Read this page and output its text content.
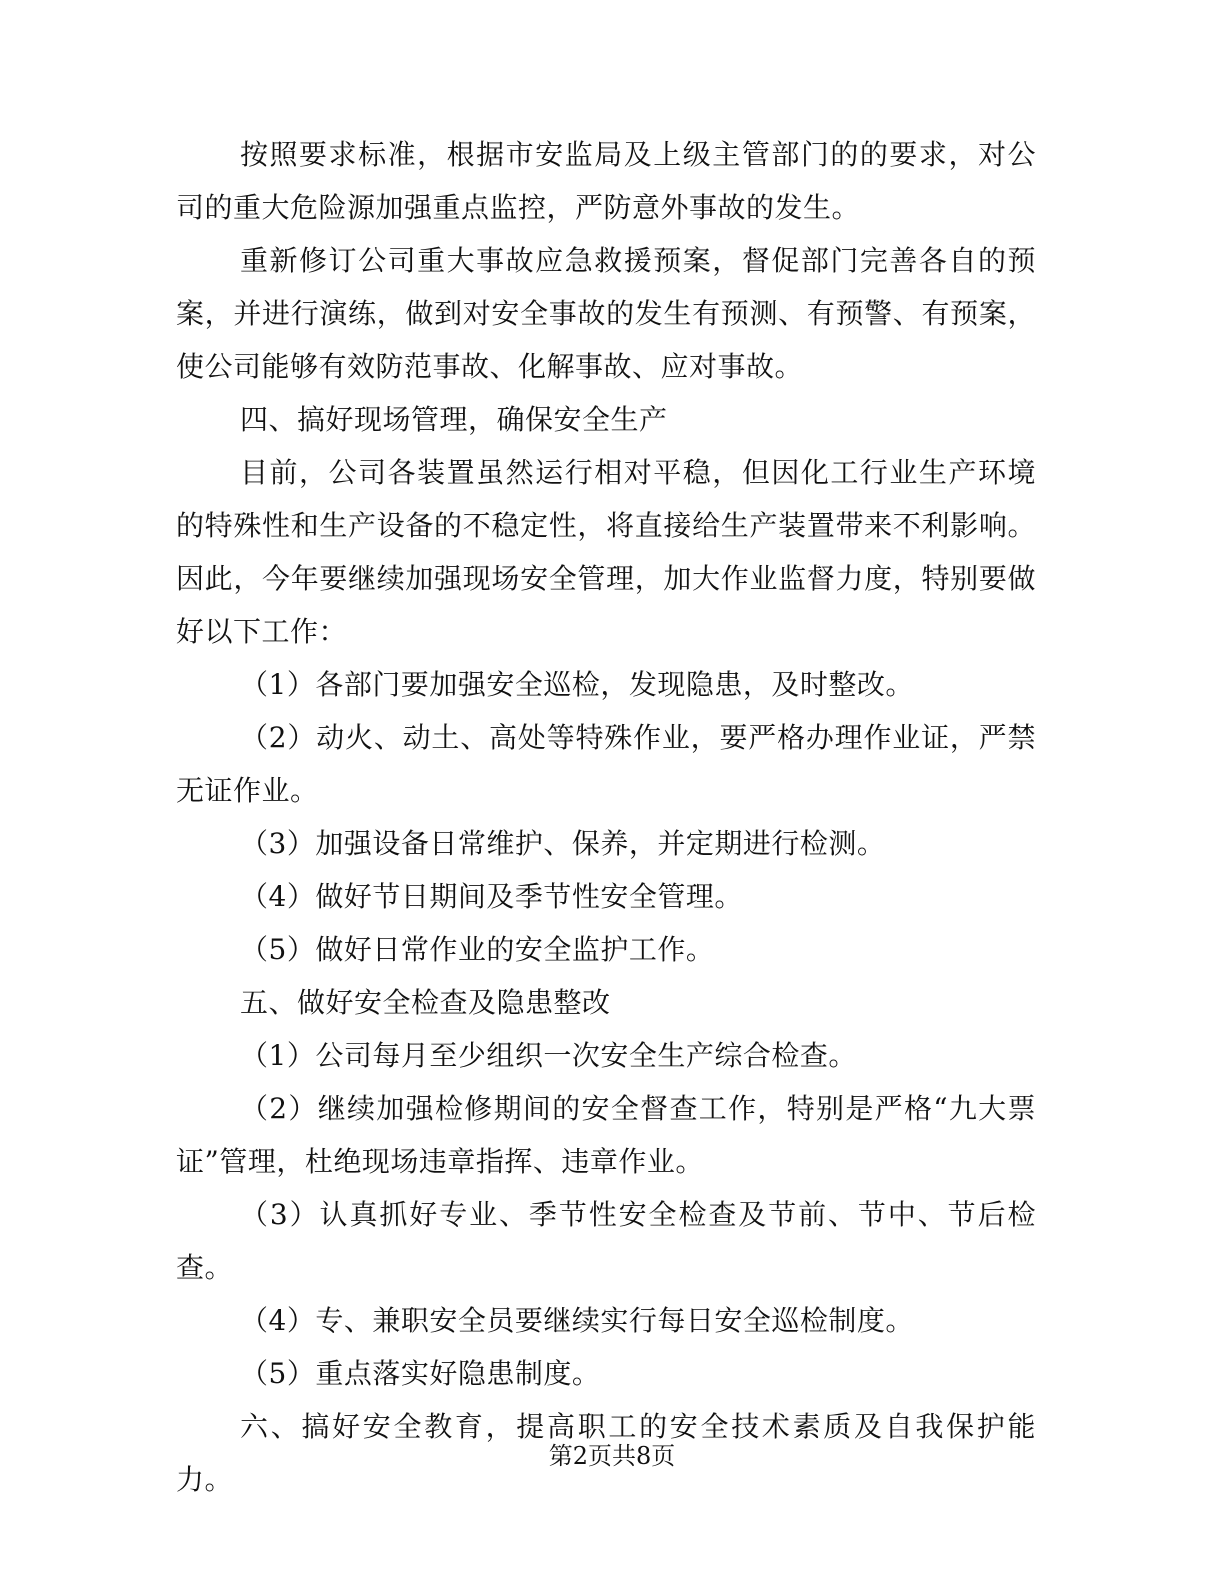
按照要求标准，根据市安监局及上级主管部门的的要求，对公司的重大危险源加强重点监控，严防意外事故的发生。

重新修订公司重大事故应急救援预案，督促部门完善各自的预案，并进行演练，做到对安全事故的发生有预测、有预警、有预案，使公司能够有效防范事故、化解事故、应对事故。

四、搞好现场管理，确保安全生产

目前，公司各装置虽然运行相对平稳，但因化工行业生产环境的特殊性和生产设备的不稳定性，将直接给生产装置带来不利影响。因此，今年要继续加强现场安全管理，加大作业监督力度，特别要做好以下工作：

（1）各部门要加强安全巡检，发现隐患，及时整改。

（2）动火、动土、高处等特殊作业，要严格办理作业证，严禁无证作业。

（3）加强设备日常维护、保养，并定期进行检测。

（4）做好节日期间及季节性安全管理。

（5）做好日常作业的安全监护工作。

五、做好安全检查及隐患整改

（1）公司每月至少组织一次安全生产综合检查。

（2）继续加强检修期间的安全督查工作，特别是严格“九大票证”管理，杜绝现场违章指挥、违章作业。

（3）认真抓好专业、季节性安全检查及节前、节中、节后检查。

（4）专、兼职安全员要继续实行每日安全巡检制度。

（5）重点落实好隐患制度。

六、搞好安全教育，提高职工的安全技术素质及自我保护能力。

第2页共8页
